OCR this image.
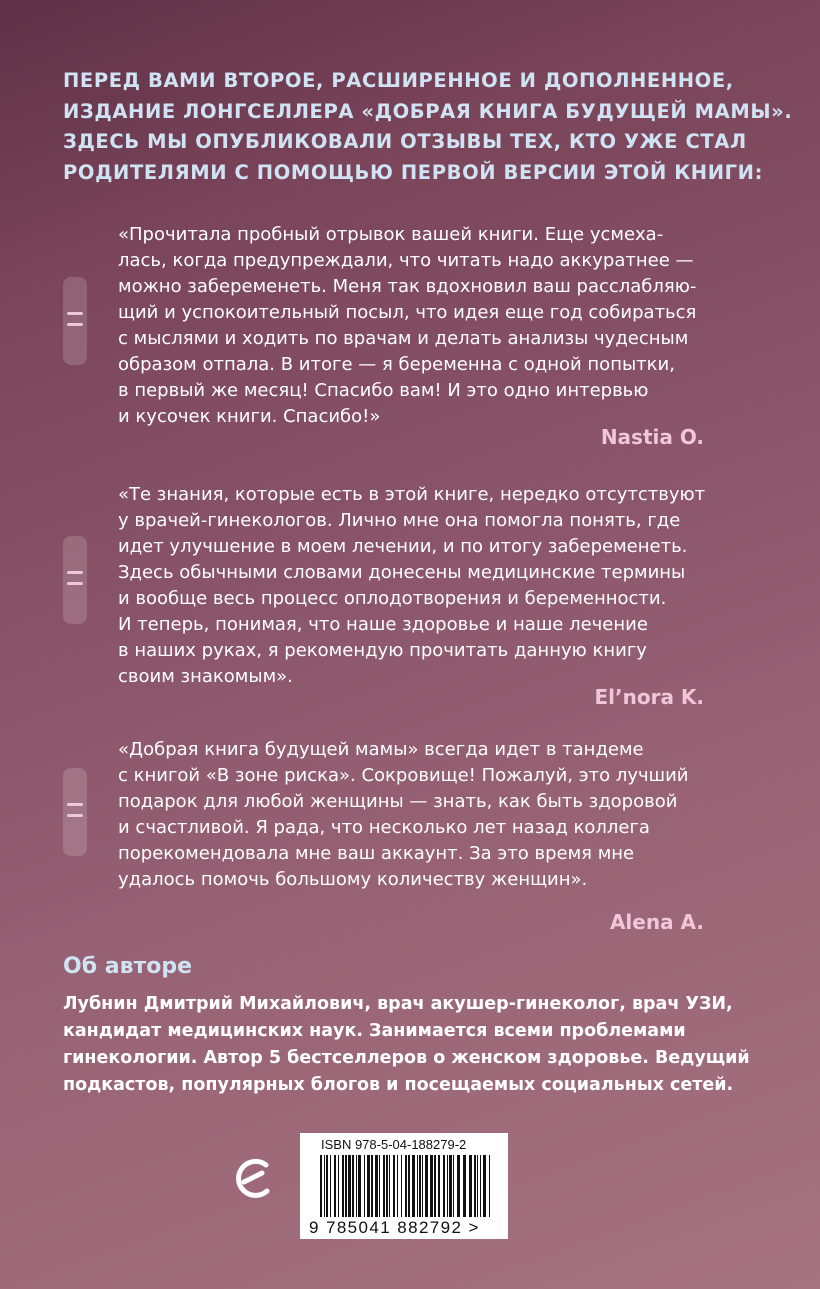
ПЕРЕД ВАМИ ВТОРОЕ, РАСШИРЕННОЕ И ДОПОЛНЕННОЕ,
ИЗДАНИЕ ЛОНГСЕЛЛЕРА «ДОБРАЯ КНИГА БУДУЩЕЙ МАМЫ».
ЗДЕСЬ МЫ ОПУБЛИКОВАЛИ ОТЗЫВЫ ТЕХ, КТО УЖЕ СТАЛ
РОДИТЕЛЯМИ С ПОМОЩЬЮ ПЕРВОЙ ВЕРСИИ ЭТОЙ КНИГИ:
«Прочитала пробный отрывок вашей книги. Еще усмеха-
лась, когда предупреждали, что читать надо аккуратнее —
можно забеременеть. Меня так вдохновил ваш расслабляю-
щий и успокоительный посыл, что идея еще год собираться
с мыслями и ходить по врачам и делать анализы чудесным
образом отпала. В итоге — я беременна с одной попытки,
в первый же месяц! Спасибо вам! И это одно интервью
и кусочек книги. Спасибо!»
Nastia O.
«Те знания, которые есть в этой книге, нередко отсутствуют
у врачей-гинекологов. Лично мне она помогла понять, где
идет улучшение в моем лечении, и по итогу забеременеть.
Здесь обычными словами донесены медицинские термины
и вообще весь процесс оплодотворения и беременности.
И теперь, понимая, что наше здоровье и наше лечение
в наших руках, я рекомендую прочитать данную книгу
своим знакомым».
El’nora K.
«Добрая книга будущей мамы» всегда идет в тандеме
с книгой «В зоне риска». Сокровище! Пожалуй, это лучший
подарок для любой женщины — знать, как быть здоровой
и счастливой. Я рада, что несколько лет назад коллега
порекомендовала мне ваш аккаунт. За это время мне
удалось помочь большому количеству женщин».
Alena A.
Об авторе
Лубнин Дмитрий Михайлович, врач акушер-гинеколог, врач УЗИ,
кандидат медицинских наук. Занимается всеми проблемами
гинекологии. Автор 5 бестселлеров о женском здоровье. Ведущий
подкастов, популярных блогов и посещаемых социальных сетей.
ISBN 978-5-04-188279-2
9 785041 882792 >
